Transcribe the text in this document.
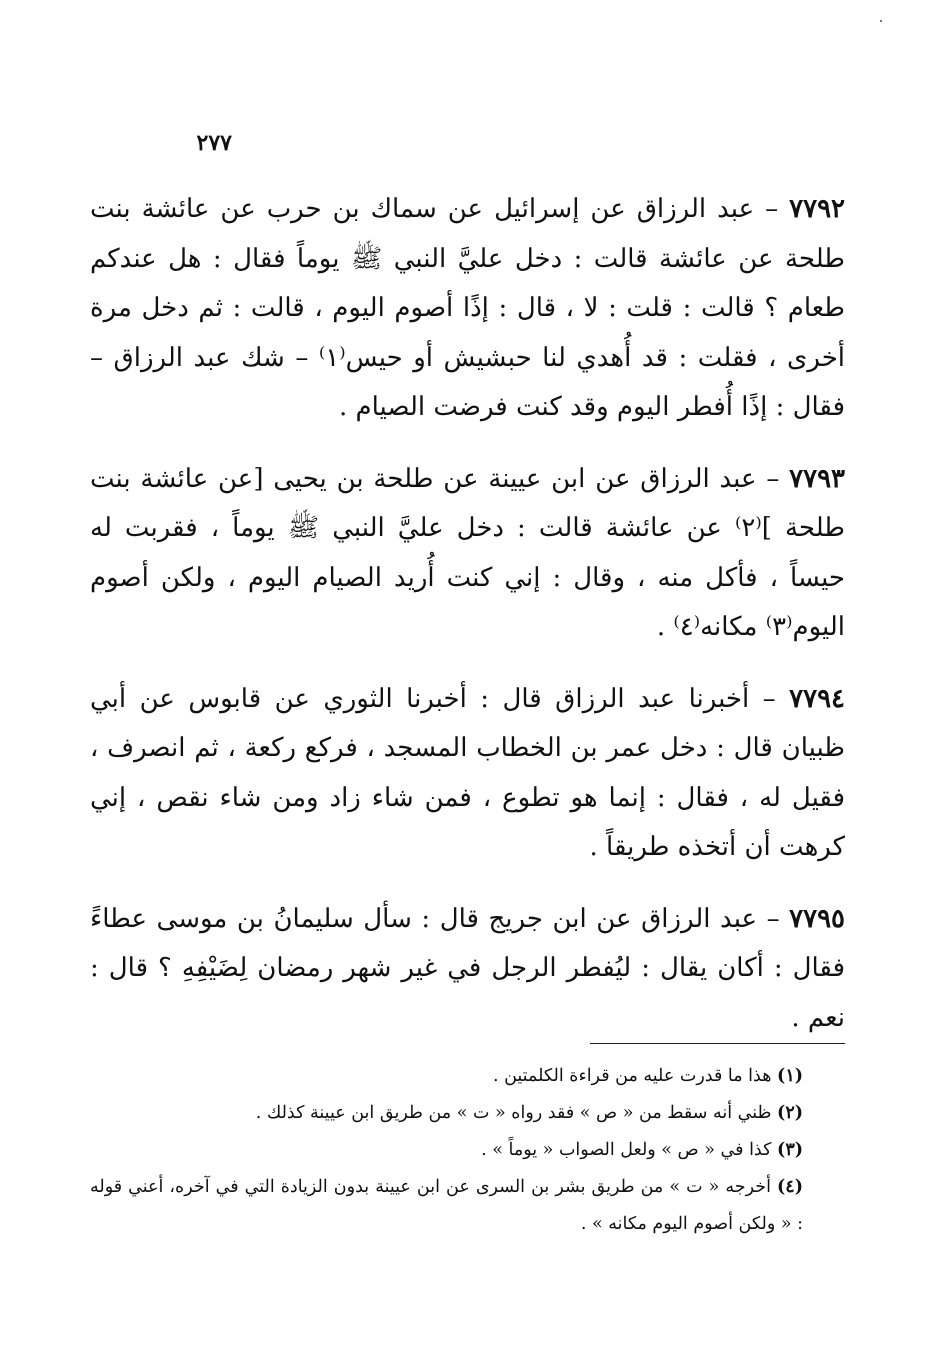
٢٧٧

٧٧٩٢ – عبد الرزاق عن إسرائيل عن سماك بن حرب عن عائشة بنت طلحة عن عائشة قالت : دخل عليَّ النبي ﷺ يوماً فقال : هل عندكم طعام ؟ قالت : قلت : لا ، قال : إذًا أصوم اليوم ، قالت : ثم دخل مرة أخرى ، فقلت : قد أُهدي لنا حبشيش أو حيس⁽١⁾ – شك عبد الرزاق – فقال : إذًا أُفطر اليوم وقد كنت فرضت الصيام .

٧٧٩٣ – عبد الرزاق عن ابن عيينة عن طلحة بن يحيى [عن عائشة بنت طلحة ]⁽٢⁾ عن عائشة قالت : دخل عليَّ النبي ﷺ يوماً ، فقربت له حيساً ، فأكل منه ، وقال : إني كنت أُريد الصيام اليوم ، ولكن أصوم اليوم⁽٣⁾ مكانه⁽٤⁾ .

٧٧٩٤ – أخبرنا عبد الرزاق قال : أخبرنا الثوري عن قابوس عن أبي ظبيان قال : دخل عمر بن الخطاب المسجد ، فركع ركعة ، ثم انصرف ، فقيل له ، فقال : إنما هو تطوع ، فمن شاء زاد ومن شاء نقص ، إني كرهت أن أتخذه طريقاً .

٧٧٩٥ – عبد الرزاق عن ابن جريج قال : سأل سليمانُ بن موسى عطاءً فقال : أكان يقال : ليُفطر الرجل في غير شهر رمضان لِضَيْفِهِ ؟ قال : نعم .

(١) هذا ما قدرت عليه من قراءة الكلمتين .
(٢) ظني أنه سقط من « ص » فقد رواه « ت » من طريق ابن عيينة كذلك .
(٣) كذا في « ص » ولعل الصواب « يوماً » .
(٤) أخرجه « ت » من طريق بشر بن السرى عن ابن عيينة بدون الزيادة التي في آخره، أعني قوله : « ولكن أصوم اليوم مكانه » .
